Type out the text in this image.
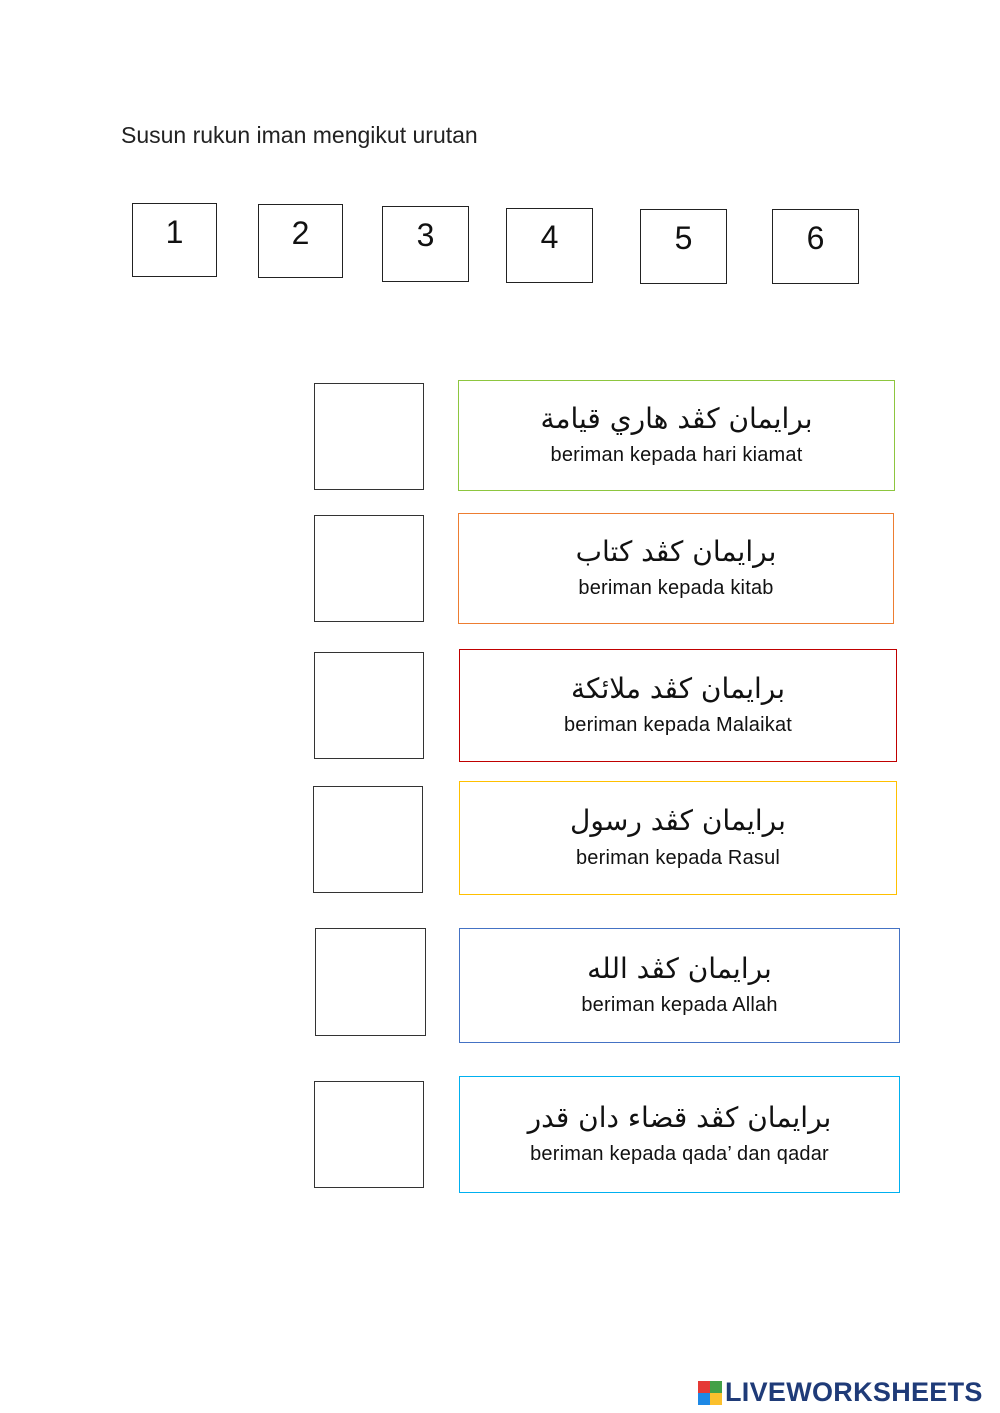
Susun rukun iman mengikut urutan
1	2	3	4	5	6
برايمان كڤد هاري قيامة
beriman kepada hari kiamat
برايمان كڤد كتاب
beriman kepada kitab
برايمان كڤد ملائكة
beriman kepada Malaikat
برايمان كڤد رسول
beriman kepada Rasul
برايمان كڤد الله
beriman kepada Allah
برايمان كڤد قضاء دان قدر
beriman kepada qada’ dan qadar
LIVEWORKSHEETS
